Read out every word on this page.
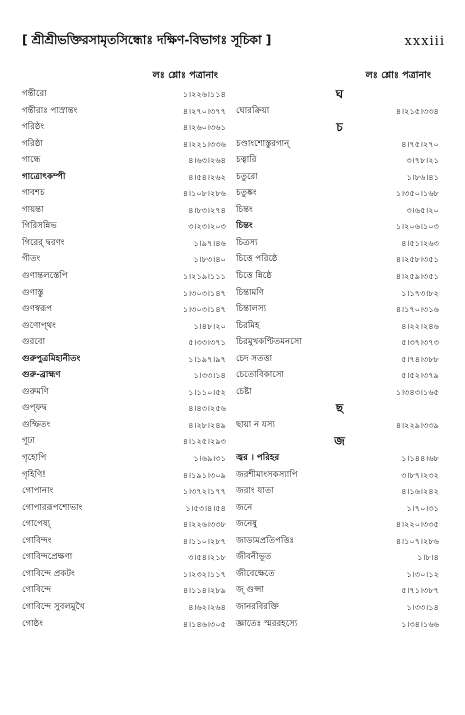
[ শ্রীশ্রীভক্তিরসামৃতসিন্ধোঃ দক্ষিণ-বিভাগঃ সূচিকা ]	xxxiii
লঃ শ্লোঃ পত্রানাং
গন্তীরো	১।২২৬।১১৪
গন্তীরাঃ পাস্রান্তং	৪।২৭০।৩৭৭
গরিষ্ঠং	৪।২৬০।৩৬১
গরিষ্ঠা	৪।২২১।৩৩৬
গান্ধে	৪।৬৩।২৬৪
গাত্রোৎকম্পী	৪।৫৪।২৬২
গাবশচ	৪।১০৮।২৮৬
গায়ন্তা	৪।৮৩।২৭৪
গিরিসন্নিভ	৩।২৩।২০৩
গিরের্ দ্বরণং	১।৯৭।৪৬
গীতং	১।৮৩।৪০
গুণান্তলস্তেপি	১।২১৯।১১১
গুণাস্তু	১।৩০৩।১৪৭
গুণস্বরূপ	১।৩০৩।১৪৭
গুণোপ্থং	১।৪৮।২০
গুরবো	৫।৩৩।৩৭১
গুরুপুত্রমিহানীতং	১।১৯৭।৯৭
গুরু-ব্রাহ্মণ	১।৩৩।১৪
গুরুমণি	১।১১০।৫২
গুপ্ফদ্ব	৪।৪৩।২৫৬
গুম্ফিতং	৪।২৮।২৪৯
গূঢা	৪।১২৫।২৯৩
গৃহোপি	১।৬৯।৩১
গৃহিণি!	৪।১৯১।৩০৯
গোপানাং	১।৩৭২।১৭৭
গোপাররূপশোভাং	১।৫৩।৪।৫৪
গোপেষ্য্	৪।২২৬।৩৩৮
গোবিন্দং	৪।১১০।২৮৭
গোবিন্দপ্রেক্ষণা	৩।৫৪।২১৮
গোবিন্দে প্রকটং	১।২৩২।১১৭
গোবিন্দে	৪।১১৪।২৮৯
গোবিন্দে সুবলমুখৈ	৪।৬২।২৬৪
গোষ্ঠং	৪।১৪৬।৩০৫
লঃ শ্লোঃ পত্রানাং
ঘ
ঘোরক্রিয়া	৪।২১৫।৩৩৪
চ
চণ্ডাংশোস্তুরগান্	৪।৭৫।২৭০
চত্বারি	৩।৭৮।২১
চতুরো	১।৮৬।৪১
চতুষ্কং	১।৩৫০।১৬৮
চিন্তং	৩।৬৫।২০
চিন্তং	১।২০৬।১০৩
চিত্রস্য	৪।৫১।২৬৩
চিত্তে পরিষ্ঠে	৪।২৫৮।৩৫১
চিত্তে ন্নিষ্ঠে	৪।২৫৯।৩৫১
চিন্তামণি	১।১৭৩।৮২
চিন্তালস্য	৪।১৭০।৩১৬
চিরমিহ	৪।২২।২৪৬
চিরমুখকণ্টিতমনসো	৫।৩৭।৩৭৩
চেদ সতত্তা	৫।৭৪।৩৮৮
চেতোবিকাসো	৫।৫২।৩৭৯
চেষ্টা	১।৩৪৩।১৬৫
ছ
ছায়া ন যস্য	৪।২২৯।৩৩৯
জ
জ্বর । পরিহর	১।১৪৪।৬৮
জরশীমাংসকস্যাপি	৩।৮৭।২৩২
জরাং যাতা	৪।১৬।২৪২
জনে	১।৭০।৩১
জনেষু	৪।২২০।৩৩৫
জাড্যমপ্রতিপত্তিঃ	৪।১০৭।২৮৬
জীবনীভূত	১।৮।৪
জীবেক্ষেতে	১।৩০।১২
জ্ গুপ্সা	৫।৭১।৩৮৭
জানরবিরক্তি	১।৩৩।১৪
জ্ঞাতেঃ স্মররহস্যে	১।৩৪।১৬৬
